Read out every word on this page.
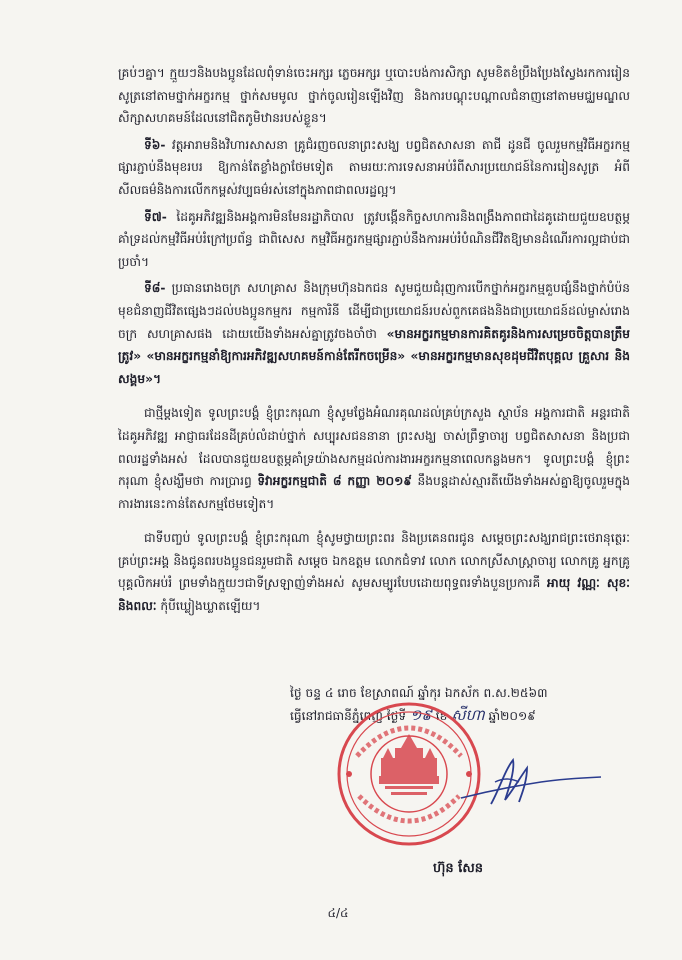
គ្រប់ៗគ្នា។ ក្មួយៗនិងបងប្អូនដែលពុំទាន់ចេះអក្សរ ភ្លេចអក្សរ ឬបោះបង់ការសិក្សា សូមខិតខំប្រឹងប្រែងស្វែងរកការរៀនសូត្រនៅតាមថ្នាក់អក្ខរកម្ម ថ្នាក់សមមូល ថ្នាក់ចូលរៀនឡើងវិញ និងការបណ្ដុះបណ្ដាលជំនាញនៅតាមមជ្ឈមណ្ឌលសិក្សាសហគមន៍ដែលនៅជិតភូមិឋានរបស់ខ្លួន។

ទី៦- វត្តអារាមនិងវិហារសាសនា គ្រូជំរញចលនាព្រះសង្ឃ បព្វជិតសាសនា តាជី ដូនជី ចូលរួមកម្មវិធីអក្ខរកម្មផ្សារភ្ជាប់នឹងមុខរបរ ឱ្យកាន់តែខ្លាំងក្លាថែមទៀត តាមរយៈការទេសនាអប់រំពីសារប្រយោជន៍នៃការរៀនសូត្រ អំពីសីលធម៌និងការលើកកម្ពស់វប្បធម៌រស់នៅក្នុងភាពជាពលរដ្ឋល្អ។

ទី៧- ដៃគូអភិវឌ្ឍនិងអង្គការមិនមែនរដ្ឋាភិបាល ត្រូវបង្កើនកិច្ចសហការនិងពង្រឹងភាពជាដៃគូដោយជួយឧបត្ថម្ភគាំទ្រដល់កម្មវិធីអប់រំក្រៅប្រព័ន្ធ ជាពិសេស កម្មវិធីអក្ខរកម្មផ្សារភ្ជាប់នឹងការអប់រំបំណិនជីវិតឱ្យមានដំណើរការល្អជាប់ជាប្រចាំ។

ទី៨- ប្រធានរោងចក្រ សហគ្រាស និងក្រុមហ៊ុនឯកជន សូមជួយជំរុញការបើកថ្នាក់អក្ខរកម្មគួបផ្សំនឹងថ្នាក់បំប៉នមុខជំនាញជីវិតផ្សេងៗដល់បងប្អូនកម្មករ កម្មការិនី ដើម្បីជាប្រយោជន៍របស់ពួកគេផងនិងជាប្រយោជន៍ដល់ម្ចាស់រោងចក្រ សហគ្រាសផង ដោយយើងទាំងអស់គ្នាត្រូវចងចាំថា «មានអក្ខរកម្មមានការគិតគូរនិងការសម្រេចចិត្តបានត្រឹមត្រូវ» «មានអក្ខរកម្មនាំឱ្យការអភិវឌ្ឍសហគមន៍កាន់តែរីកចម្រើន» «មានអក្ខរកម្មមានសុខដុមជីវិតបុគ្គល គ្រួសារ និងសង្គម»។

ជាថ្មីម្ដងទៀត ទូលព្រះបង្គំ ខ្ញុំព្រះករុណា ខ្ញុំសូមថ្លែងអំណរគុណដល់គ្រប់ក្រសួង ស្ថាប័ន អង្គការជាតិ អន្តរជាតិ ដៃគូអភិវឌ្ឍ អាជ្ញាធរដែនដីគ្រប់លំដាប់ថ្នាក់ សប្បុរសជននានា ព្រះសង្ឃ ចាស់ព្រឹទ្ធាចារ្យ បព្វជិតសាសនា និងប្រជាពលរដ្ឋទាំងអស់ ដែលបានជួយឧបត្ថម្ភគាំទ្រយ៉ាងសកម្មដល់ការងារអក្ខរកម្មនាពេលកន្លងមក។ ទូលព្រះបង្គំ ខ្ញុំព្រះករុណា ខ្ញុំសង្ឃឹមថា ការប្រារព្ធ ទិវាអក្ខរកម្មជាតិ ៨ កញ្ញា ២០១៩ នឹងបន្តដាស់ស្មារតីយើងទាំងអស់គ្នាឱ្យចូលរួមក្នុងការងារនេះកាន់តែសកម្មថែមទៀត។

ជាទីបញ្ចប់ ទូលព្រះបង្គំ ខ្ញុំព្រះករុណា ខ្ញុំសូមថ្វាយព្រះពរ និងប្រគេនពរជូន សម្ដេចព្រះសង្ឃរាជព្រះថេរានុត្ថេរៈគ្រប់ព្រះអង្គ និងជូនពរបងប្អូនជនរួមជាតិ សម្ដេច ឯកឧត្ដម លោកជំទាវ លោក លោកស្រីសាស្ត្រាចារ្យ លោកគ្រូ អ្នកគ្រូ បុគ្គលិកអប់រំ ព្រមទាំងក្មួយៗជាទីស្រឡាញ់ទាំងអស់ សូមសម្បូរបែបដោយពុទ្ធពរទាំងបួនប្រការគឺ អាយុ វណ្ណៈ សុខៈ និងពលៈ កុំបីឃ្លៀងឃ្លាតឡើយ។

ថ្ងៃ ចន្ទ ៤ រោច ខែស្រាពណ៍ ឆ្នាំកុរ ឯកស័ក ព.ស.២៥៦៣
ធ្វើនៅរាជធានីភ្នំពេញ ថ្ងៃទី ១៩ ខែ សីហា ឆ្នាំ២០១៩
ហ៊ុន សែន
៤/៤
